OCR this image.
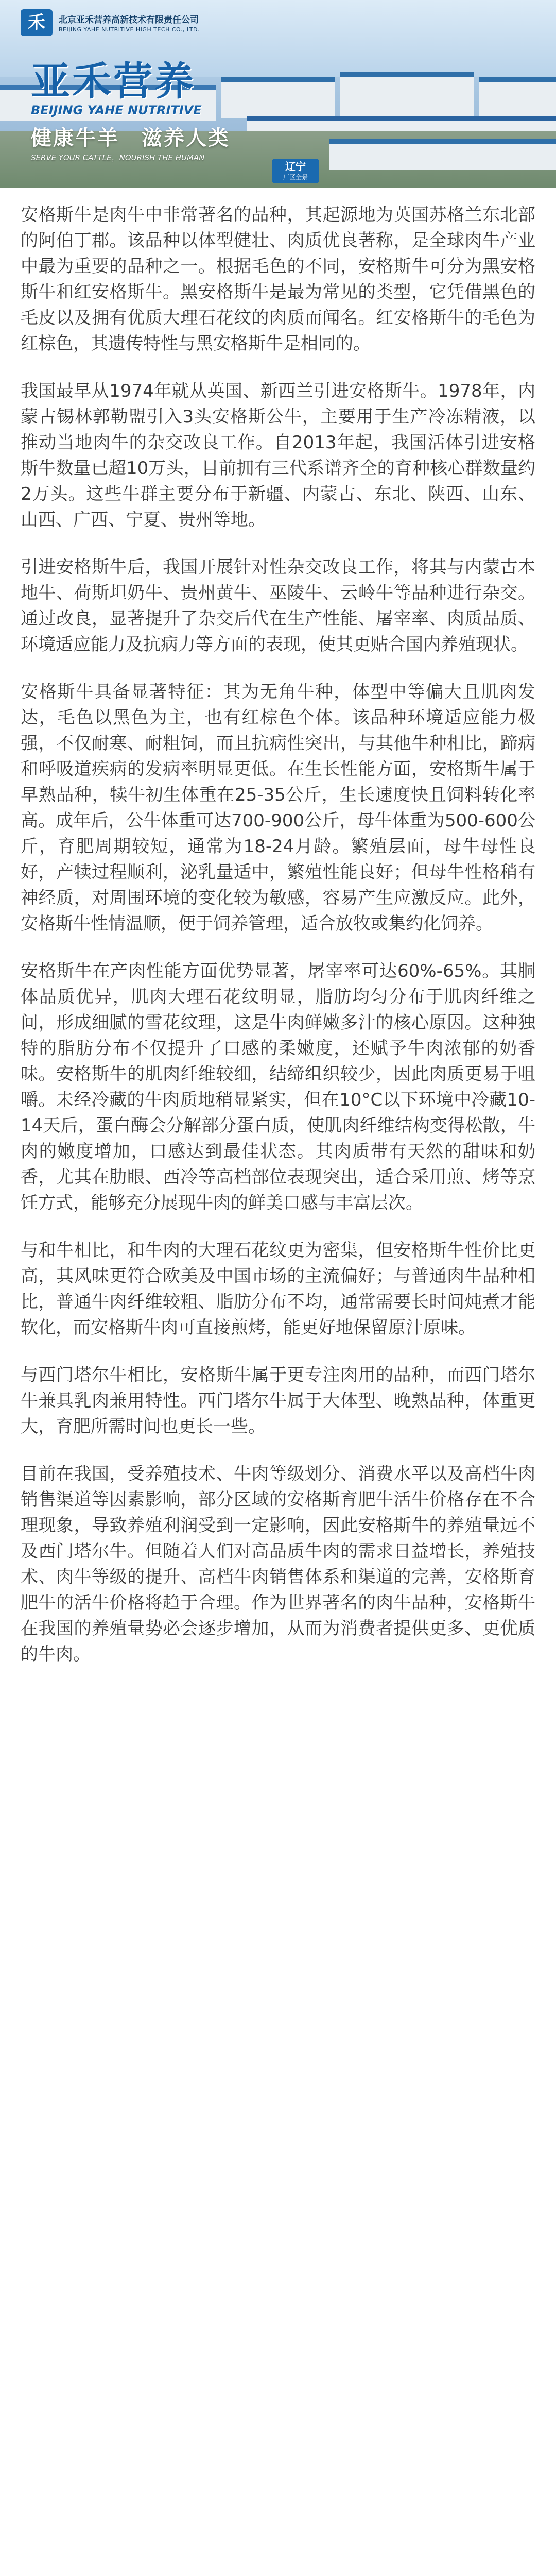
禾	北京亚禾营养高新技术有限责任公司
BEIJING YAHE NUTRITIVE HIGH TECH CO., LTD.
亚禾营养
BEIJING YAHE NUTRITIVE
健康牛羊　滋养人类
SERVE YOUR CATTLE，NOURISH THE HUMAN
辽宁
厂区全景

安格斯牛是肉牛中非常著名的品种，其起源地为英国苏格兰东北部的阿伯丁郡。该品种以体型健壮、肉质优良著称，是全球肉牛产业中最为重要的品种之一。根据毛色的不同，安格斯牛可分为黑安格斯牛和红安格斯牛。黑安格斯牛是最为常见的类型，它凭借黑色的毛皮以及拥有优质大理石花纹的肉质而闻名。红安格斯牛的毛色为红棕色，其遗传特性与黑安格斯牛是相同的。

我国最早从1974年就从英国、新西兰引进安格斯牛。1978年，内蒙古锡林郭勒盟引入3头安格斯公牛，主要用于生产冷冻精液，以推动当地肉牛的杂交改良工作。自2013年起，我国活体引进安格斯牛数量已超10万头，目前拥有三代系谱齐全的育种核心群数量约2万头。这些牛群主要分布于新疆、内蒙古、东北、陕西、山东、山西、广西、宁夏、贵州等地。

引进安格斯牛后，我国开展针对性杂交改良工作，将其与内蒙古本地牛、荷斯坦奶牛、贵州黄牛、巫陵牛、云岭牛等品种进行杂交。通过改良，显著提升了杂交后代在生产性能、屠宰率、肉质品质、环境适应能力及抗病力等方面的表现，使其更贴合国内养殖现状。

安格斯牛具备显著特征：其为无角牛种，体型中等偏大且肌肉发达，毛色以黑色为主，也有红棕色个体。该品种环境适应能力极强，不仅耐寒、耐粗饲，而且抗病性突出，与其他牛种相比，蹄病和呼吸道疾病的发病率明显更低。在生长性能方面，安格斯牛属于早熟品种，犊牛初生体重在25-35公斤，生长速度快且饲料转化率高。成年后，公牛体重可达700-900公斤，母牛体重为500-600公斤，育肥周期较短，通常为18-24月龄。繁殖层面，母牛母性良好，产犊过程顺利，泌乳量适中，繁殖性能良好；但母牛性格稍有神经质，对周围环境的变化较为敏感，容易产生应激反应。此外，安格斯牛性情温顺，便于饲养管理，适合放牧或集约化饲养。

安格斯牛在产肉性能方面优势显著，屠宰率可达60%-65%。其胴体品质优异，肌肉大理石花纹明显，脂肪均匀分布于肌肉纤维之间，形成细腻的雪花纹理，这是牛肉鲜嫩多汁的核心原因。这种独特的脂肪分布不仅提升了口感的柔嫩度，还赋予牛肉浓郁的奶香味。安格斯牛的肌肉纤维较细，结缔组织较少，因此肉质更易于咀嚼。未经冷藏的牛肉质地稍显紧实，但在10°C以下环境中冷藏10-14天后，蛋白酶会分解部分蛋白质，使肌肉纤维结构变得松散，牛肉的嫩度增加，口感达到最佳状态。其肉质带有天然的甜味和奶香，尤其在肋眼、西冷等高档部位表现突出，适合采用煎、烤等烹饪方式，能够充分展现牛肉的鲜美口感与丰富层次。

与和牛相比，和牛肉的大理石花纹更为密集，但安格斯牛性价比更高，其风味更符合欧美及中国市场的主流偏好；与普通肉牛品种相比，普通牛肉纤维较粗、脂肪分布不均，通常需要长时间炖煮才能软化，而安格斯牛肉可直接煎烤，能更好地保留原汁原味。

与西门塔尔牛相比，安格斯牛属于更专注肉用的品种，而西门塔尔牛兼具乳肉兼用特性。西门塔尔牛属于大体型、晚熟品种，体重更大，育肥所需时间也更长一些。

目前在我国，受养殖技术、牛肉等级划分、消费水平以及高档牛肉销售渠道等因素影响，部分区域的安格斯育肥牛活牛价格存在不合理现象，导致养殖利润受到一定影响，因此安格斯牛的养殖量远不及西门塔尔牛。但随着人们对高品质牛肉的需求日益增长，养殖技术、肉牛等级的提升、高档牛肉销售体系和渠道的完善，安格斯育肥牛的活牛价格将趋于合理。作为世界著名的肉牛品种，安格斯牛在我国的养殖量势必会逐步增加，从而为消费者提供更多、更优质的牛肉。
